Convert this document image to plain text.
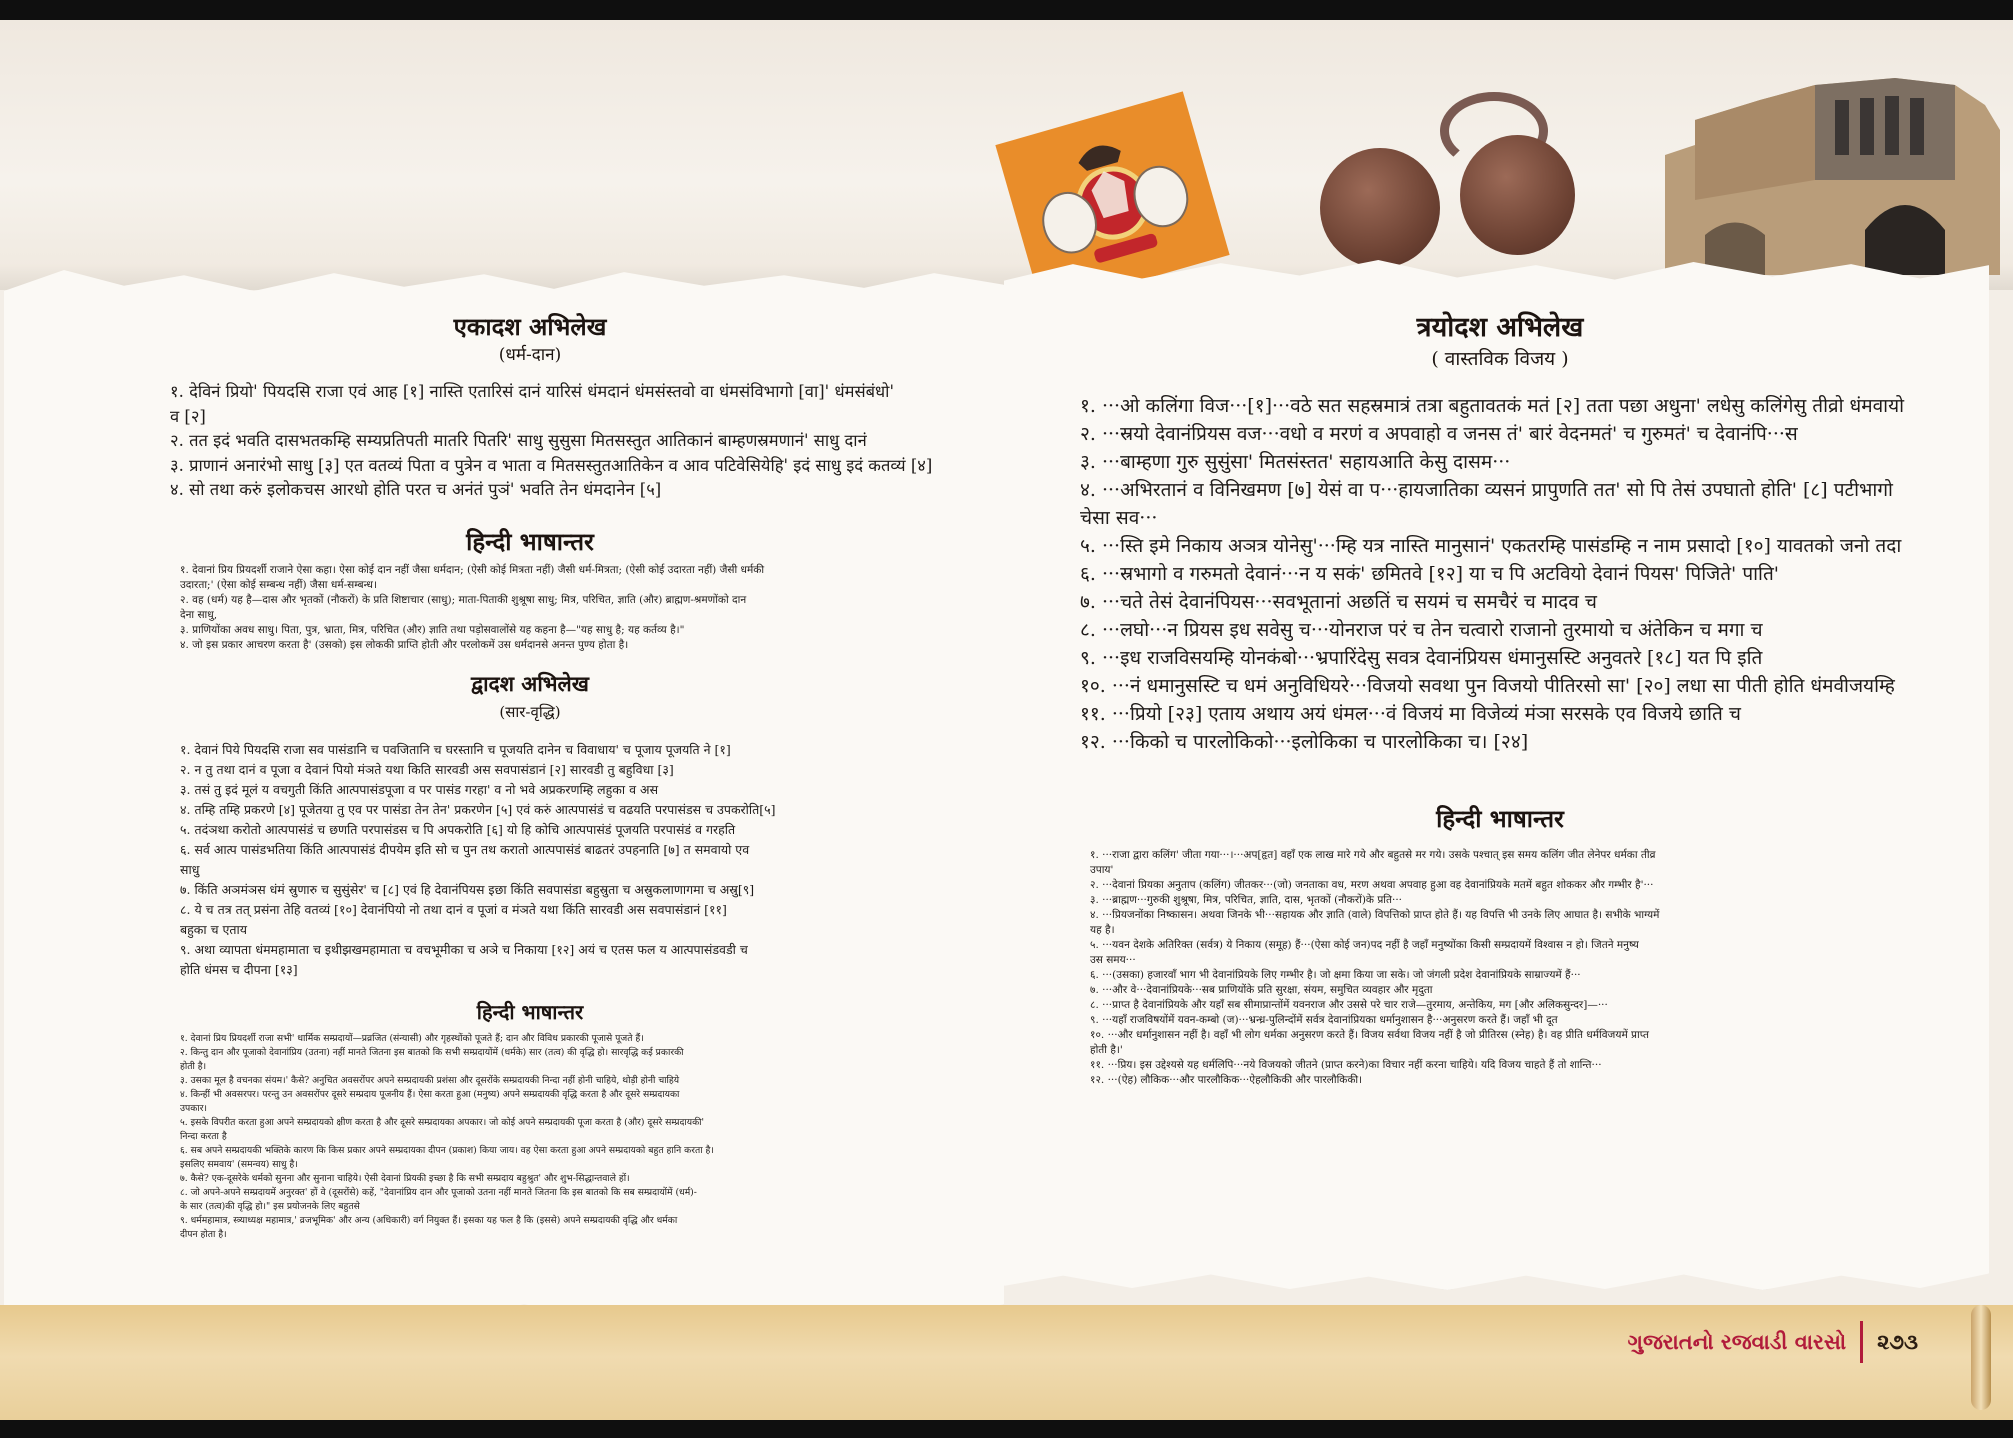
ગુજરાતનો રજવાડી વારસો	૨૭૩
एकादश अभिलेख
(धर्म-दान)
१. देविनं प्रियो' पियदसि राजा एवं आह [१] नास्ति एतारिसं दानं यारिसं धंमदानं धंमसंस्तवो वा धंमसंविभागो [वा]' धंमसंबंधो'
व [२]
२. तत इदं भवति दासभतकम्हि सम्यप्रतिपती मातरि पितरि' साधु सुसुसा मितसस्तुत आतिकानं बाम्हणस्रमणानं' साधु दानं
३. प्राणानं अनारंभो साधु [३] एत वतव्यं पिता व पुत्रेन व भाता व मितसस्तुतआतिकेन व आव पटिवेसियेहि' इदं साधु इदं कतव्यं [४]
४. सो तथा करुं इलोकचस आरधो होति परत च अनंतं पुञं' भवति तेन धंमदानेन [५]
हिन्दी भाषान्तर
१. देवानां प्रिय प्रियदर्शी राजाने ऐसा कहा। ऐसा कोई दान नहीं जैसा धर्मदान; (ऐसी कोई मित्रता नहीं) जैसी धर्म-मित्रता; (ऐसी कोई उदारता नहीं) जैसी धर्मकी
उदारता;' (ऐसा कोई सम्बन्ध नहीं) जैसा धर्म-सम्बन्ध।
२. वह (धर्म) यह है—दास और भृतकों (नौकरों) के प्रति शिष्टाचार (साधु); माता-पिताकी शुश्रूषा साधु; मित्र, परिचित, ज्ञाति (और) ब्राह्मण-श्रमणोंको दान
देना साधु,
३. प्राणियोंका अवध साधु। पिता, पुत्र, भ्राता, मित्र, परिचित (और) ज्ञाति तथा पड़ोसवालोंसे यह कहना है—"यह साधु है; यह कर्तव्य है।"
४. जो इस प्रकार आचरण करता है' (उसको) इस लोककी प्राप्ति होती और परलोकमें उस धर्मदानसे अनन्त पुण्य होता है।
द्वादश अभिलेख
(सार-वृद्धि)
१. देवानं पिये पियदसि राजा सव पासंडानि च पवजितानि च घरस्तानि च पूजयति दानेन च विवाधाय' च पूजाय पूजयति ने [१]
२. न तु तथा दानं व पूजा व देवानं पियो मंञते यथा किति सारवडी अस सवपासंडानं [२] सारवडी तु बहुविधा [३]
३. तसं तु इदं मूलं य वचगुती किंति आत्पपासंडपूजा व पर पासंड गरहा' व नो भवे अप्रकरणम्हि लहुका व अस
४. तम्हि तम्हि प्रकरणे [४] पूजेतया तु एव पर पासंडा तेन तेन' प्रकरणेन [५] एवं करुं आत्पपासंडं च वढयति परपासंडस च उपकरोति[५]
५. तदंञथा करोतो आत्पपासंडं च छणति परपासंडस च पि अपकरोति [६] यो हि कोचि आत्पपासंडं पूजयति परपासंडं व गरहति
६. सर्व आत्प पासंडभतिया किंति आत्पपासंडं दीपयेम इति सो च पुन तथ करातो आत्पपासंडं बाढतरं उपहनाति [७] त समवायो एव
साधु
७. किंति अञमंञस धंमं स्रुणारु च सुसुंसेर' च [८] एवं हि देवानंपियस इछा किंति सवपासंडा बहुस्रुता च अस्रुकलाणागमा च अस्रु[९]
८. ये च तत्र तत् प्रसंना तेहि वतव्यं [१०] देवानंपियो नो तथा दानं व पूजां व मंञते यथा किंति सारवडी अस सवपासंडानं [११]
बहुका च एताय
९. अथा व्यापता धंममहामाता च इथीझखमहामाता च वचभूमीका च अञे च निकाया [१२] अयं च एतस फल य आत्पपासंडवडी च
होति धंमस च दीपना [१३]
हिन्दी भाषान्तर
१. देवानां प्रिय प्रियदर्शी राजा सभी' धार्मिक सम्प्रदायों—प्रव्रजित (संन्यासी) और गृहस्थोंको पूजते हैं; दान और विविध प्रकारकी पूजासे पूजते हैं।
२. किन्तु दान और पूजाको देवानांप्रिय (उतना) नहीं मानते जितना इस बातको कि सभी सम्प्रदायोंमें (धर्मके) सार (तत्व) की वृद्धि हो। सारवृद्धि कई प्रकारकी
होती है।
३. उसका मूल है वचनका संयम।' कैसे? अनुचित अवसरोंपर अपने सम्प्रदायकी प्रशंसा और दूसरोंके सम्प्रदायकी निन्दा नहीं होनी चाहिये, थोड़ी होनी चाहिये
४. किन्हीं भी अवसरपर। परन्तु उन अवसरोंपर दूसरे सम्प्रदाय पूजनीय हैं। ऐसा करता हुआ (मनुष्य) अपने सम्प्रदायकी वृद्धि करता है और दूसरे सम्प्रदायका
उपकार।
५. इसके विपरीत करता हुआ अपने सम्प्रदायको क्षीण करता है और दूसरे सम्प्रदायका अपकार। जो कोई अपने सम्प्रदायकी पूजा करता है (और) दूसरे सम्प्रदायकी'
निन्दा करता है
६. सब अपने सम्प्रदायकी भक्तिके कारण कि किस प्रकार अपने सम्प्रदायका दीपन (प्रकाश) किया जाय। वह ऐसा करता हुआ अपने सम्प्रदायको बहुत हानि करता है।
इसलिए समवाय' (समन्वय) साधु है।
७. कैसे? एक-दूसरेके धर्मको सुनना और सुनाना चाहिये। ऐसी देवानां प्रियकी इच्छा है कि सभी सम्प्रदाय बहुश्रुत' और शुभ-सिद्धान्तवाले हों।
८. जो अपने-अपने सम्प्रदायमें अनुरक्त' हों वे (दूसरोंसे) कहें, "देवानांप्रिय दान और पूजाको उतना नहीं मानते जितना कि इस बातको कि सब सम्प्रदायोंमें (धर्म)-
के सार (तत्व)की वृद्धि हो।" इस प्रयोजनके लिए बहुतसे
९. धर्ममहामात्र, स्त्र्याध्यक्ष महामात्र,' व्रजभूमिक' और अन्य (अधिकारी) वर्ग नियुक्त हैं। इसका यह फल है कि (इससे) अपने सम्प्रदायकी वृद्धि और धर्मका
दीपन होता है।
त्रयोदश अभिलेख
( वास्तविक विजय )
१. ···ओ कलिंगा विज···[१]···वठे सत सहस्रमात्रं तत्रा बहुतावतकं मतं [२] तता पछा अधुना' लधेसु कलिंगेसु तीव्रो धंमवायो
२. ···स्रयो देवानंप्रियस वज···वधो व मरणं व अपवाहो व जनस तं' बारं वेदनमतं' च गुरुमतं' च देवानंपि···स
३. ···बाम्हणा गुरु सुसुंसा' मितसंस्तत' सहायआति केसु दासम···
४. ···अभिरतानं व विनिखमण [७] येसं वा प···हायजातिका व्यसनं प्रापुणति तत' सो पि तेसं उपघातो होति' [८] पटीभागो
चेसा सव···
५. ···स्ति इमे निकाय अञत्र योनेसु'···म्हि यत्र नास्ति मानुसानं' एकतरम्हि पासंडम्हि न नाम प्रसादो [१०] यावतको जनो तदा
६. ···स्रभागो व गरुमतो देवानं···न य सकं' छमितवे [१२] या च पि अटवियो देवानं पियस' पिजिते' पाति'
७. ···चते तेसं देवानंपियस···सवभूतानां अछतिं च सयमं च समचैरं च मादव च
८. ···लघो···न प्रियस इध सवेसु च···योनराज परं च तेन चत्वारो राजानो तुरमायो च अंतेकिन च मगा च
९. ···इध राजविसयम्हि योनकंबो···भ्रपारिंदेसु सवत्र देवानंप्रियस धंमानुसस्टि अनुवतरे [१८] यत पि इति
१०. ···नं धमानुसस्टि च धमं अनुविधियरे···विजयो सवथा पुन विजयो पीतिरसो सा' [२०] लधा सा पीती होति धंमवीजयम्हि
११. ···प्रियो [२३] एताय अथाय अयं धंमल···वं विजयं मा विजेव्यं मंञा सरसके एव विजये छाति च
१२. ···किको च पारलोकिको···इलोकिका च पारलोकिका च। [२४]
हिन्दी भाषान्तर
१. ···राजा द्वारा कलिंग' जीता गया···।···अप[हृत] वहाँ एक लाख मारे गये और बहुतसे मर गये। उसके पश्चात् इस समय कलिंग जीत लेनेपर धर्मका तीव्र
उपाय'
२. ···देवानां प्रियका अनुताप (कलिंग) जीतकर···(जो) जनताका वध, मरण अथवा अपवाह हुआ वह देवानांप्रियके मतमें बहुत शोककर और गम्भीर है'···
३. ···ब्राह्मण···गुरुकी शुश्रूषा, मित्र, परिचित, ज्ञाति, दास, भृतकों (नौकरों)के प्रति···
४. ···प्रियजनोंका निष्कासन। अथवा जिनके भी···सहायक और ज्ञाति (वाले) विपत्तिको प्राप्त होते हैं। यह विपत्ति भी उनके लिए आघात है। सभीके भाग्यमें
यह है।
५. ···यवन देशके अतिरिक्त (सर्वत्र) ये निकाय (समूह) हैं···(ऐसा कोई जन)पद नहीं है जहाँ मनुष्योंका किसी सम्प्रदायमें विश्वास न हो। जितने मनुष्य
उस समय···
६. ···(उसका) हजारवाँ भाग भी देवानांप्रियके लिए गम्भीर है। जो क्षमा किया जा सके। जो जंगली प्रदेश देवानांप्रियके साम्राज्यमें हैं···
७. ···और वे···देवानांप्रियके···सब प्राणियोंके प्रति सुरक्षा, संयम, समुचित व्यवहार और मृदुता
८. ···प्राप्त है देवानांप्रियके और यहाँ सब सीमाप्रान्तोंमें यवनराज और उससे परे चार राजे—तुरमाय, अन्तेकिय, मग [और अलिकसुन्दर]—···
९. ···यहाँ राजविषयोंमें यवन-कम्बो (ज)···भ्रन्ध्र-पुलिन्दोंमें सर्वत्र देवानांप्रियका धर्मानुशासन है···अनुसरण करते हैं। जहाँ भी दूत
१०. ···और धर्मानुशासन नहीं है। वहाँ भी लोग धर्मका अनुसरण करते हैं। विजय सर्वथा विजय नहीं है जो प्रीतिरस (स्नेह) है। वह प्रीति धर्मविजयमें प्राप्त
होती है।'
११. ···प्रिय। इस उद्देश्यसे यह धर्मलिपि···नये विजयको जीतने (प्राप्त करने)का विचार नहीं करना चाहिये। यदि विजय चाहते हैं तो शान्ति···
१२. ···(ऐह) लौकिक···और पारलौकिक···ऐहलौकिकी और पारलौकिकी।
